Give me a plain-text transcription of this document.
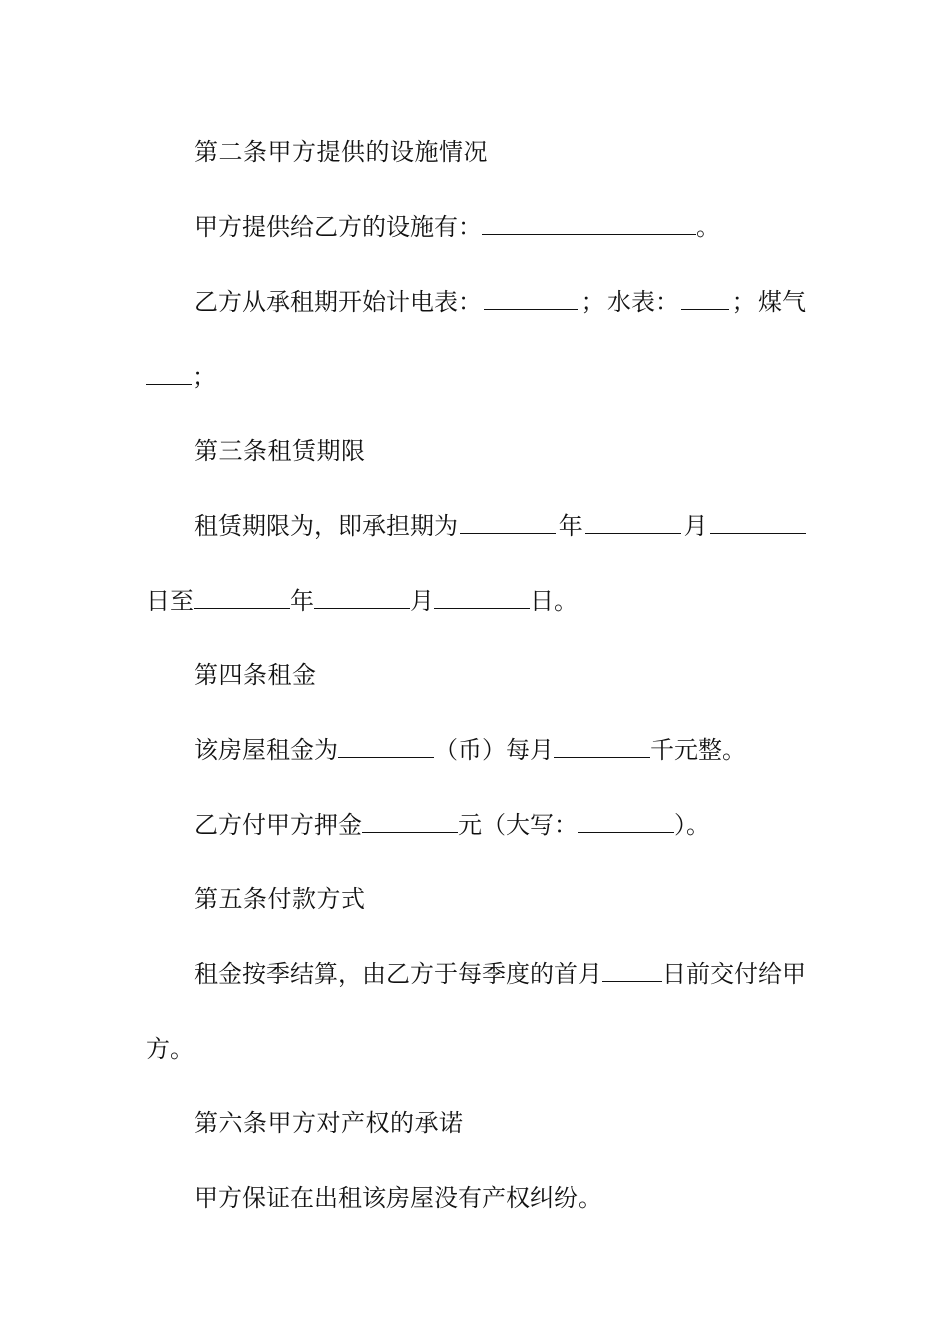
第二条甲方提供的设施情况
甲方提供给乙方的设施有：	。
乙方从承租期开始计电表：	； 水表： ； 煤气
；
第三条租赁期限
租赁期限为，即承担期为	年	月
日至	年	月	日。
第四条租金
该房屋租金为	（币）每月	千元整。
乙方付甲方押金	元（大写：	）。
第五条付款方式
租金按季结算，由乙方于每季度的首月	日前交付给甲
方。
第六条甲方对产权的承诺
甲方保证在出租该房屋没有产权纠纷。
